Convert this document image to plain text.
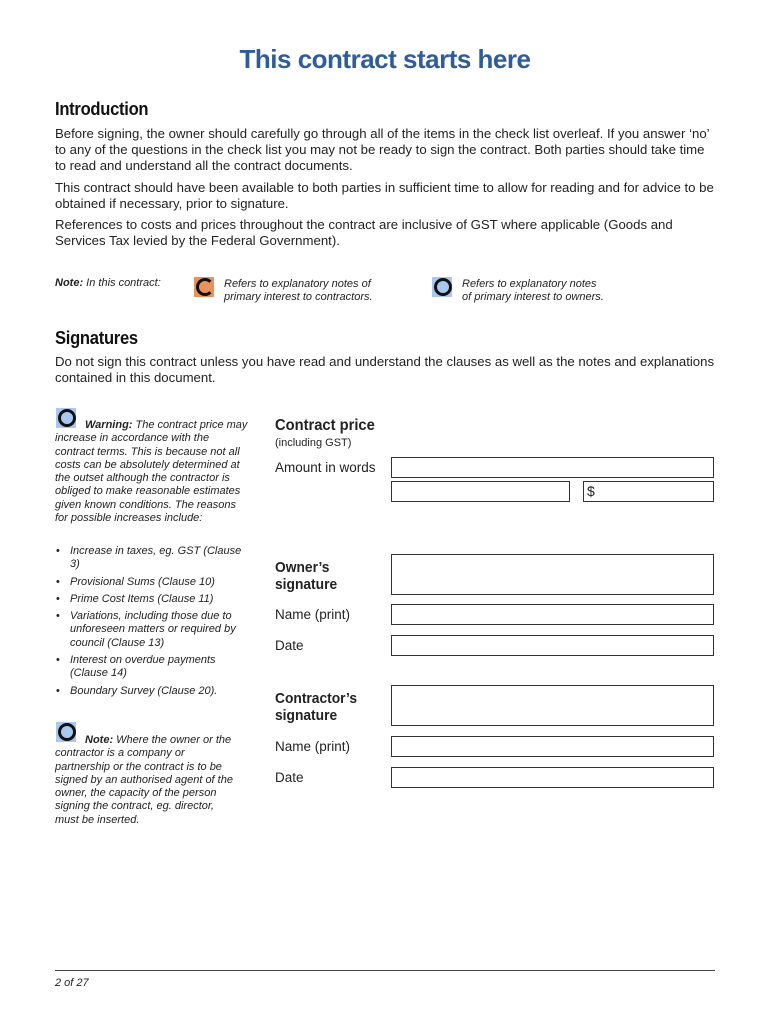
This contract starts here
Introduction

Before signing, the owner should carefully go through all of the items in the check list overleaf. If you answer ‘no’ to any of the questions in the check list you may not be ready to sign the contract. Both parties should take time to read and understand all the contract documents.

This contract should have been available to both parties in sufficient time to allow for reading and for advice to be obtained if necessary, prior to signature.

References to costs and prices throughout the contract are inclusive of GST where applicable (Goods and Services Tax levied by the Federal Government).

Note: In this contract:	Refers to explanatory notes of
primary interest to contractors.
Refers to explanatory notes
of primary interest to owners.
Signatures

Do not sign this contract unless you have read and understand the clauses as well as the notes and explanations contained in this document.

Warning: The contract price may increase in accordance with the contract terms. This is because not all costs can be absolutely determined at the outset although the contractor is obliged to make reasonable estimates given known conditions. The reasons for possible increases include:
• Increase in taxes, eg. GST (Clause 3)
• Provisional Sums (Clause 10)
• Prime Cost Items (Clause 11)
• Variations, including those due to unforeseen matters or required by council (Clause 13)
• Interest on overdue payments (Clause 14)
• Boundary Survey (Clause 20).
Note: Where the owner or the contractor is a company or partnership or the contract is to be signed by an authorised agent of the owner, the capacity of the person signing the contract, eg. director, must be inserted.
Contract price
(including GST)
Amount in words
$
Owner’s
signature
Name (print)
Date
Contractor’s
signature
Name (print)
Date
2 of 27
